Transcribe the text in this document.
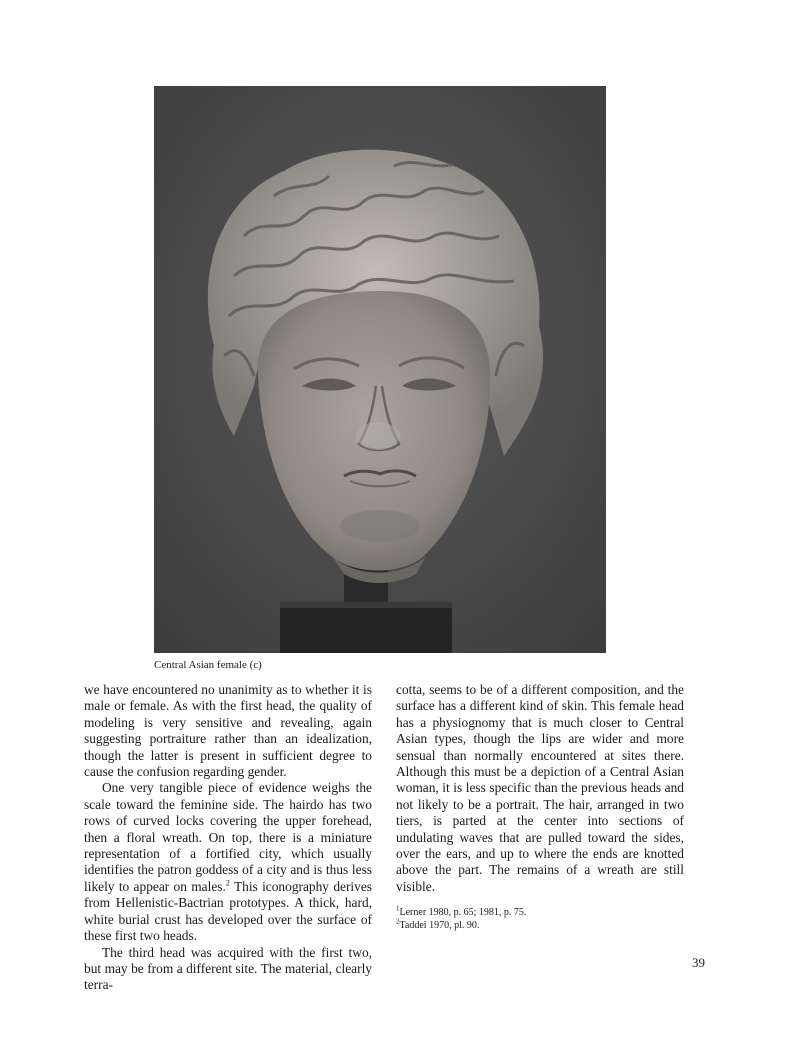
Central Asian female (c)

we have encountered no unanimity as to whether it is male or female. As with the first head, the quality of modeling is very sensitive and revealing, again suggesting portraiture rather than an idealization, though the latter is present in sufficient degree to cause the confusion regarding gender.

One very tangible piece of evidence weighs the scale toward the feminine side. The hairdo has two rows of curved locks covering the upper forehead, then a floral wreath. On top, there is a miniature representation of a fortified city, which usually identifies the patron goddess of a city and is thus less likely to appear on males.$^2$ This iconography derives from Hellenistic-Bactrian prototypes. A thick, hard, white burial crust has developed over the surface of these first two heads.

The third head was acquired with the first two, but may be from a different site. The material, clearly terra-

cotta, seems to be of a different composition, and the surface has a different kind of skin. This female head has a physiognomy that is much closer to Central Asian types, though the lips are wider and more sensual than normally encountered at sites there. Although this must be a depiction of a Central Asian woman, it is less specific than the previous heads and not likely to be a portrait. The hair, arranged in two tiers, is parted at the center into sections of undulating waves that are pulled toward the sides, over the ears, and up to where the ends are knotted above the part. The remains of a wreath are still visible.

$^1$Lerner 1980, p. 65; 1981, p. 75.
$^2$Taddei 1970, pl. 90.
39
